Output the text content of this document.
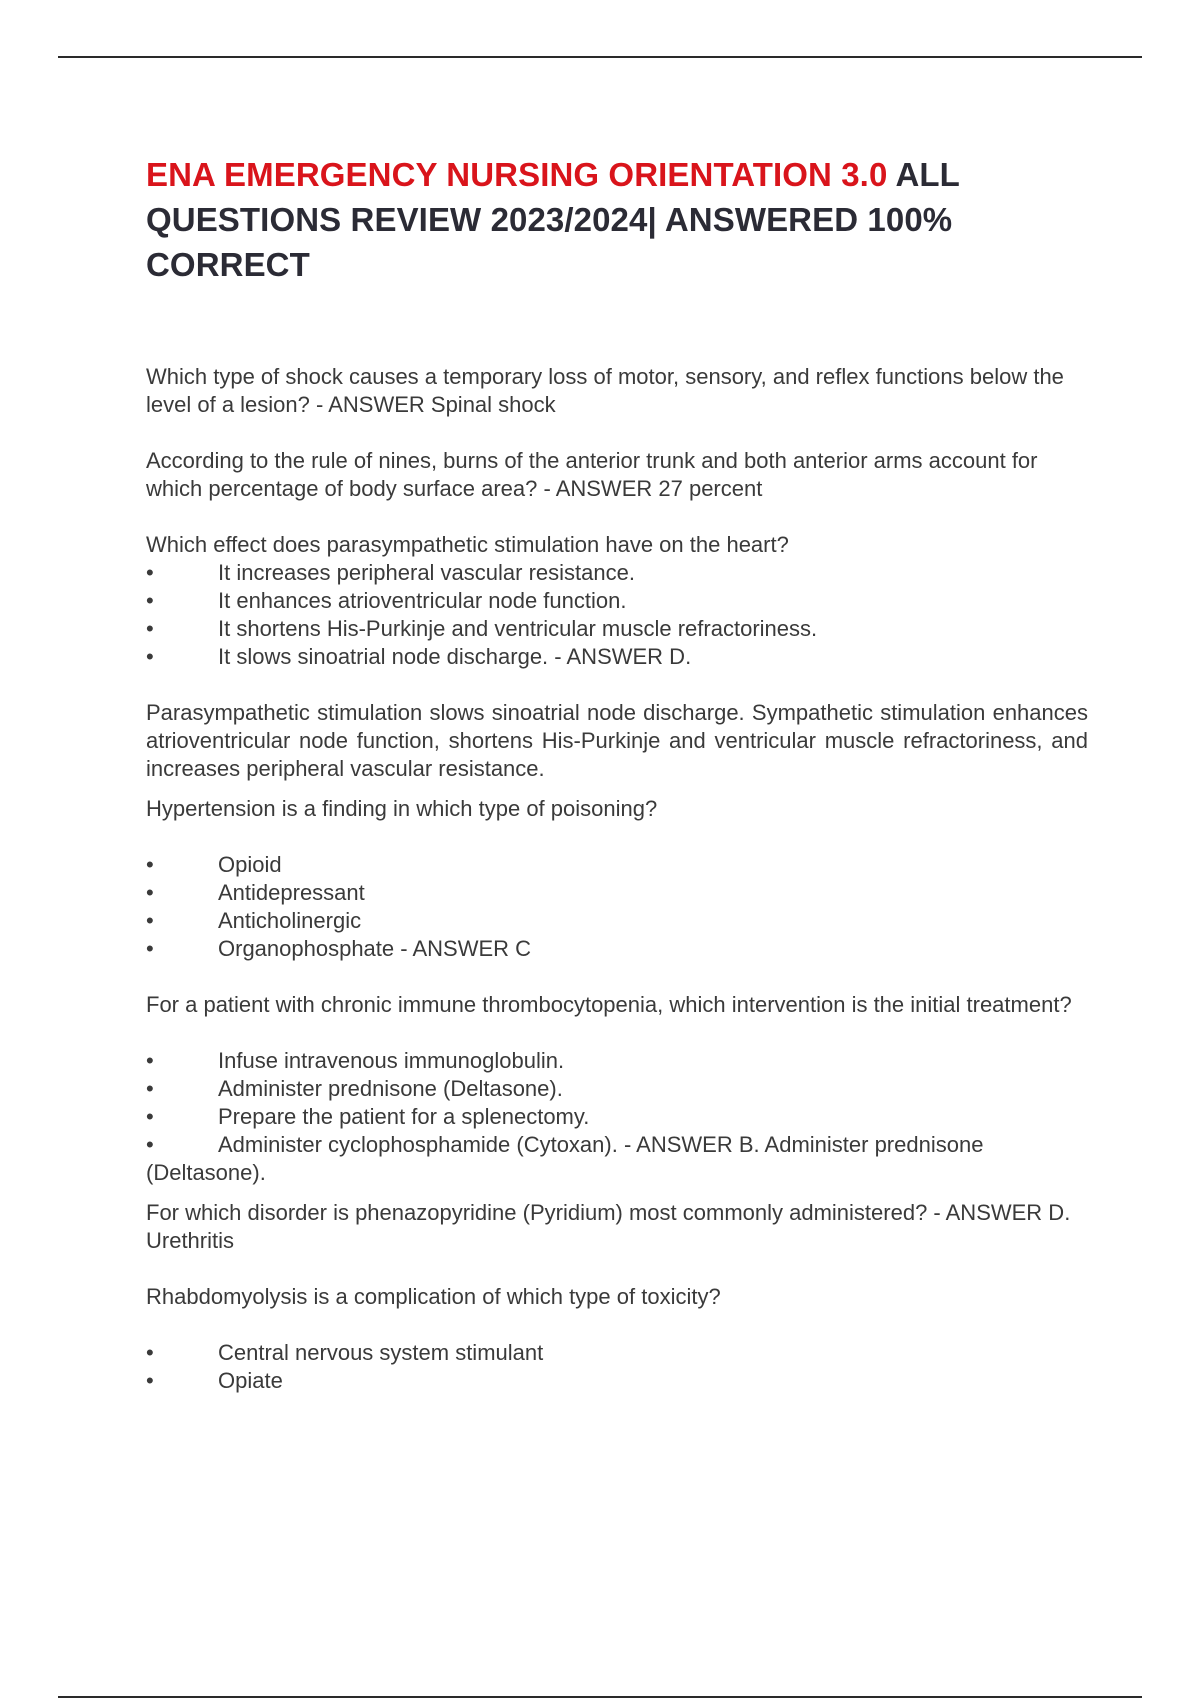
ENA EMERGENCY NURSING ORIENTATION 3.0 ALL QUESTIONS REVIEW 2023/2024| ANSWERED 100% CORRECT

Which type of shock causes a temporary loss of motor, sensory, and reflex functions below the level of a lesion? - ANSWER Spinal shock

According to the rule of nines, burns of the anterior trunk and both anterior arms account for which percentage of body surface area? - ANSWER 27 percent

Which effect does parasympathetic stimulation have on the heart?

•	It increases peripheral vascular resistance.
•	It enhances atrioventricular node function.
•	It shortens His-Purkinje and ventricular muscle refractoriness.
•	It slows sinoatrial node discharge. - ANSWER D.

Parasympathetic stimulation slows sinoatrial node discharge. Sympathetic stimulation enhances atrioventricular node function, shortens His-Purkinje and ventricular muscle refractoriness, and increases peripheral vascular resistance.

Hypertension is a finding in which type of poisoning?

•	Opioid
•	Antidepressant
•	Anticholinergic
•	Organophosphate - ANSWER C

For a patient with chronic immune thrombocytopenia, which intervention is the initial treatment?

•	Infuse intravenous immunoglobulin.
•	Administer prednisone (Deltasone).
•	Prepare the patient for a splenectomy.
•	Administer cyclophosphamide (Cytoxan). - ANSWER B. Administer prednisone
(Deltasone).

For which disorder is phenazopyridine (Pyridium) most commonly administered? - ANSWER D. Urethritis

Rhabdomyolysis is a complication of which type of toxicity?

•	Central nervous system stimulant
•	Opiate
